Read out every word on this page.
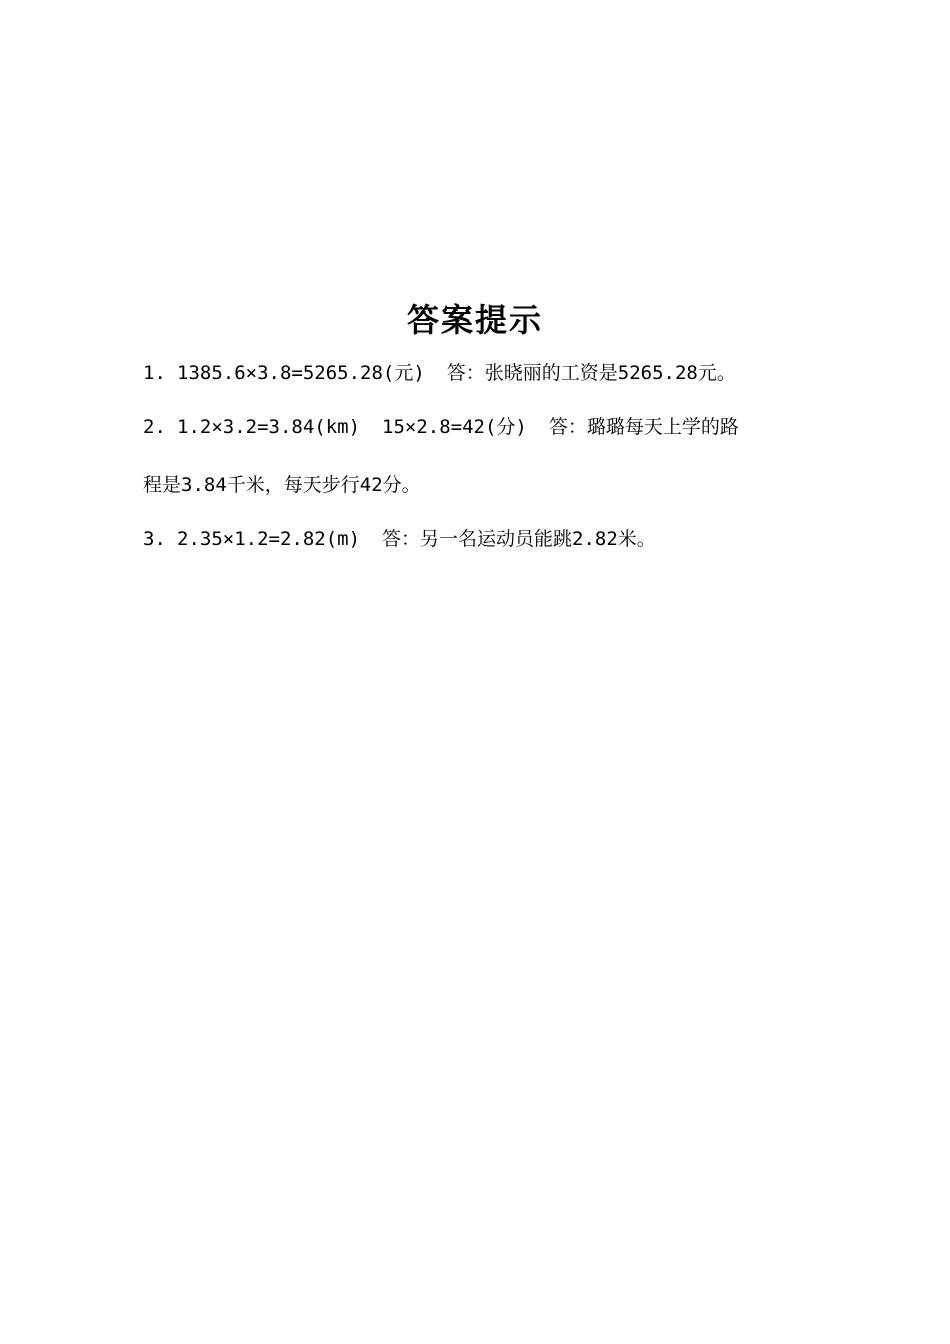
答案提示
1. 1385.6×3.8=5265.28(元) 答：张晓丽的工资是5265.28元。
2. 1.2×3.2=3.84(km) 15×2.8=42(分) 答：璐璐每天上学的路
程是3.84千米，每天步行42分。
3. 2.35×1.2=2.82(m) 答：另一名运动员能跳2.82米。
